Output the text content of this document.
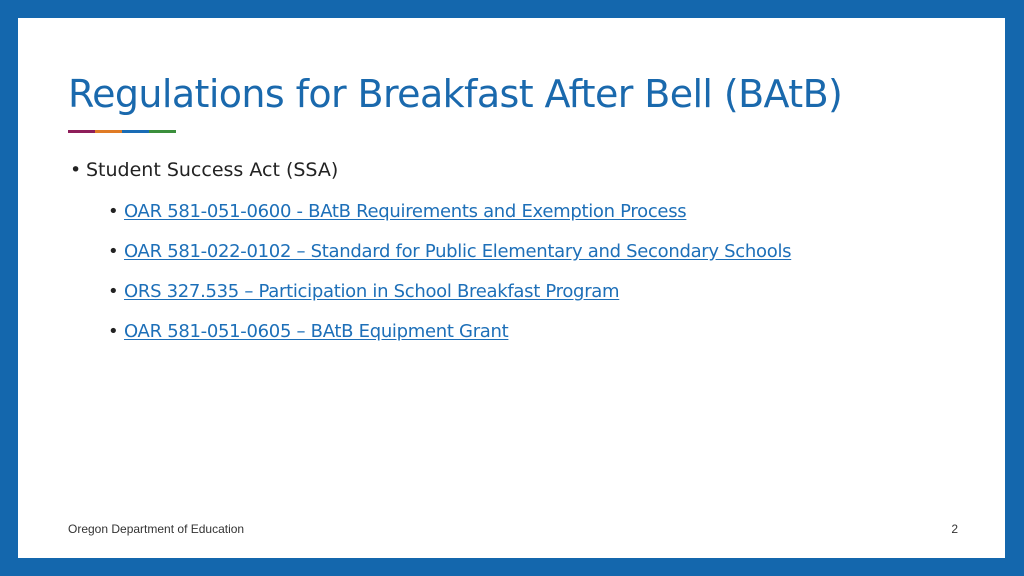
Regulations for Breakfast After Bell (BAtB)
• Student Success Act (SSA)
• OAR 581-051-0600 - BAtB Requirements and Exemption Process
• OAR 581-022-0102 – Standard for Public Elementary and Secondary Schools
• ORS 327.535 – Participation in School Breakfast Program
• OAR 581-051-0605 – BAtB Equipment Grant
Oregon Department of Education	2
